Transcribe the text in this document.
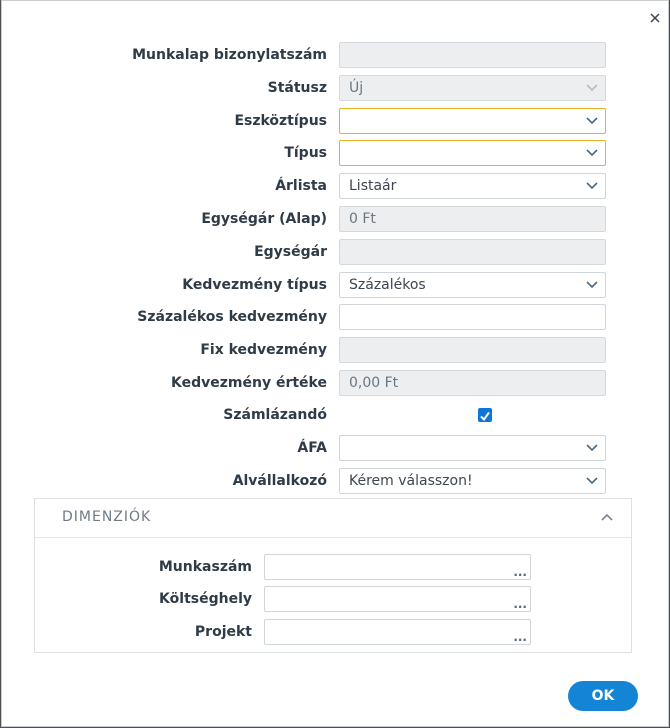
Munkalap bizonylatszám
Státusz	Új
Eszköztípus
Típus
Árlista	Listaár
Egységár (Alap)	0 Ft
Egységár
Kedvezmény típus	Százalékos
Százalékos kedvezmény
Fix kedvezmény
Kedvezmény értéke	0,00 Ft
Számlázandó
ÁFA
Alvállalkozó	Kérem válasszon!
DIMENZIÓK
Munkaszám	...
Költséghely	...
Projekt	...
OK
